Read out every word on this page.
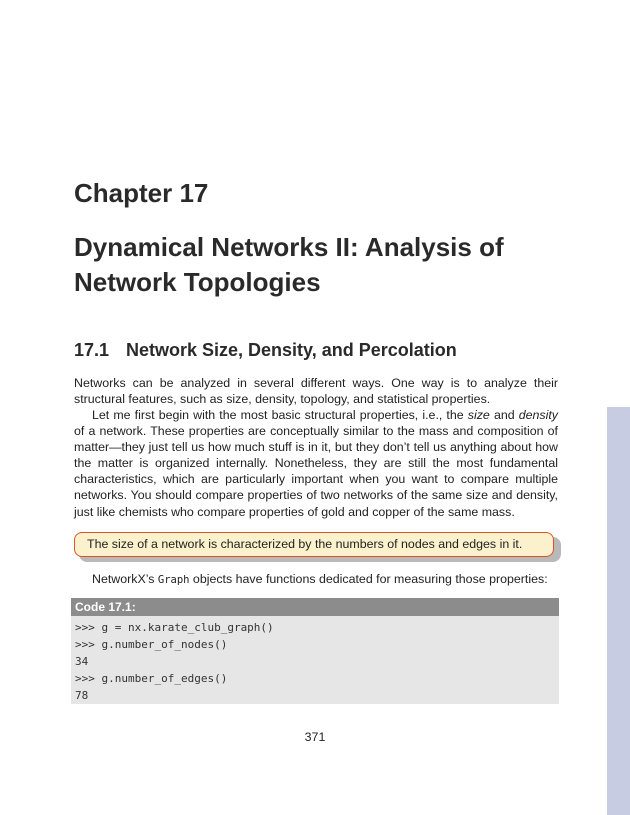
Chapter 17
Dynamical Networks II: Analysis of
Network Topologies
17.1 Network Size, Density, and Percolation

Networks can be analyzed in several different ways. One way is to analyze their structural features, such as size, density, topology, and statistical properties.

Let me first begin with the most basic structural properties, i.e., the size and density of a network. These properties are conceptually similar to the mass and composition of matter—they just tell us how much stuff is in it, but they don’t tell us anything about how the matter is organized internally. Nonetheless, they are still the most fundamental characteristics, which are particularly important when you want to compare multiple networks. You should compare properties of two networks of the same size and density, just like chemists who compare properties of gold and copper of the same mass.

The size of a network is characterized by the numbers of nodes and edges in it.

NetworkX’s Graph objects have functions dedicated for measuring those properties:

Code 17.1:
>>> g = nx.karate_club_graph()
>>> g.number_of_nodes()
34
>>> g.number_of_edges()
78
371
